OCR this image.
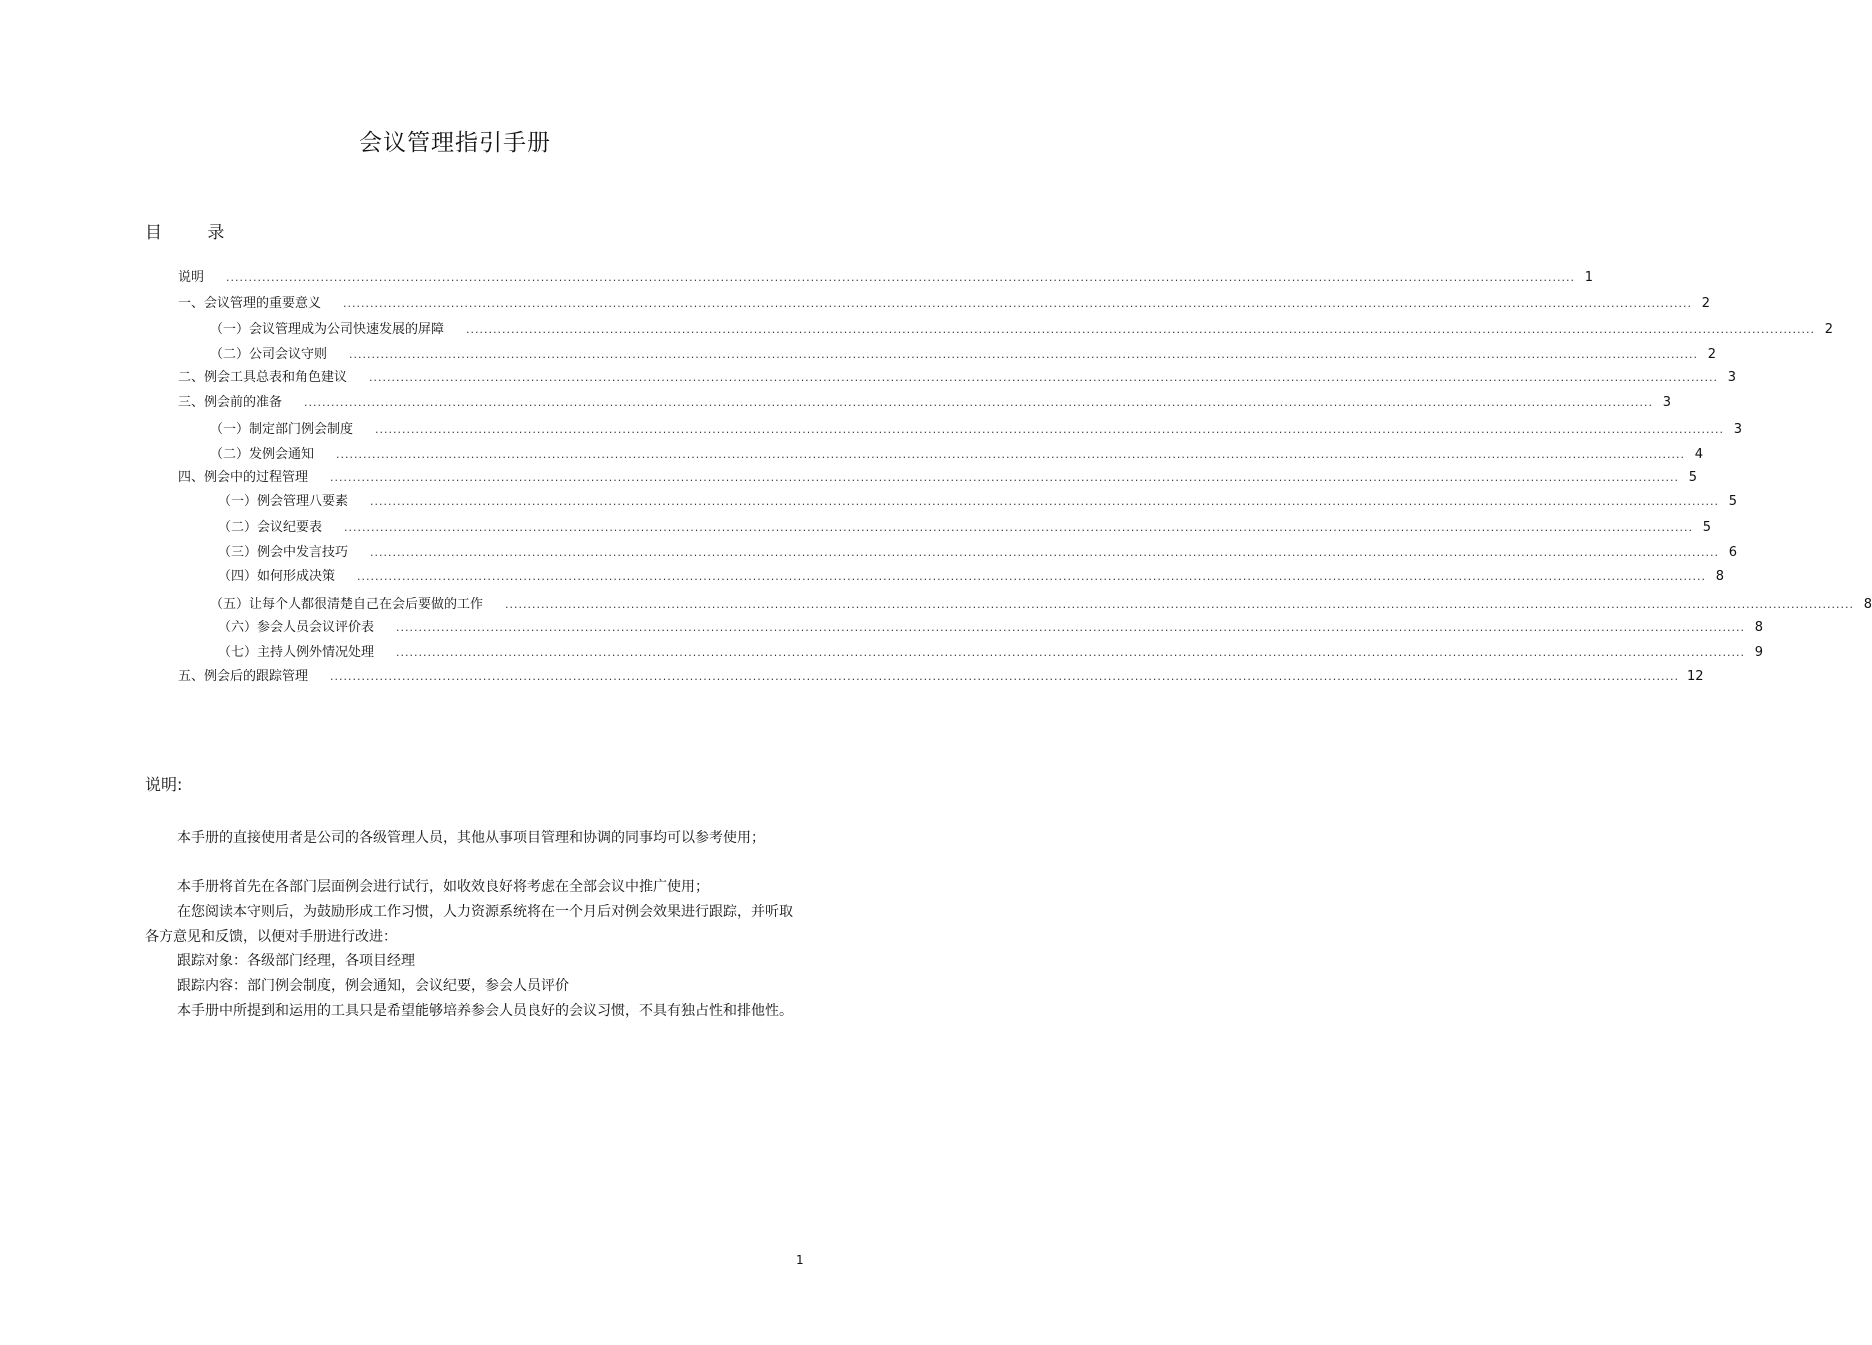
会议管理指引手册
目 录
说明	............................................................................................................................................................................................................................................................................................................ 1
一、会议管理的重要意义	............................................................................................................................................................................................................................................................................................................ 2
（一）会议管理成为公司快速发展的屏障	............................................................................................................................................................................................................................................................................................................ 2
（二）公司会议守则	............................................................................................................................................................................................................................................................................................................ 2
二、例会工具总表和角色建议	............................................................................................................................................................................................................................................................................................................ 3
三、例会前的准备	............................................................................................................................................................................................................................................................................................................ 3
（一）制定部门例会制度	............................................................................................................................................................................................................................................................................................................ 3
（二）发例会通知	............................................................................................................................................................................................................................................................................................................ 4
四、例会中的过程管理	............................................................................................................................................................................................................................................................................................................ 5
（一）例会管理八要素	............................................................................................................................................................................................................................................................................................................ 5
（二）会议纪要表	............................................................................................................................................................................................................................................................................................................ 5
（三）例会中发言技巧	............................................................................................................................................................................................................................................................................................................ 6
（四）如何形成决策	............................................................................................................................................................................................................................................................................................................ 8
（五）让每个人都很清楚自己在会后要做的工作	............................................................................................................................................................................................................................................................................................................ 8
（六）参会人员会议评价表	............................................................................................................................................................................................................................................................................................................ 8
（七）主持人例外情况处理	............................................................................................................................................................................................................................................................................................................ 9
五、例会后的跟踪管理	............................................................................................................................................................................................................................................................................................................ 12
说明:
本手册的直接使用者是公司的各级管理人员，其他从事项目管理和协调的同事均可以参考使用；
本手册将首先在各部门层面例会进行试行，如收效良好将考虑在全部会议中推广使用；
在您阅读本守则后，为鼓励形成工作习惯，人力资源系统将在一个月后对例会效果进行跟踪，并听取各方意见和反馈，以便对手册进行改进：
跟踪对象：各级部门经理，各项目经理
跟踪内容：部门例会制度，例会通知，会议纪要，参会人员评价
本手册中所提到和运用的工具只是希望能够培养参会人员良好的会议习惯，不具有独占性和排他性。
1
